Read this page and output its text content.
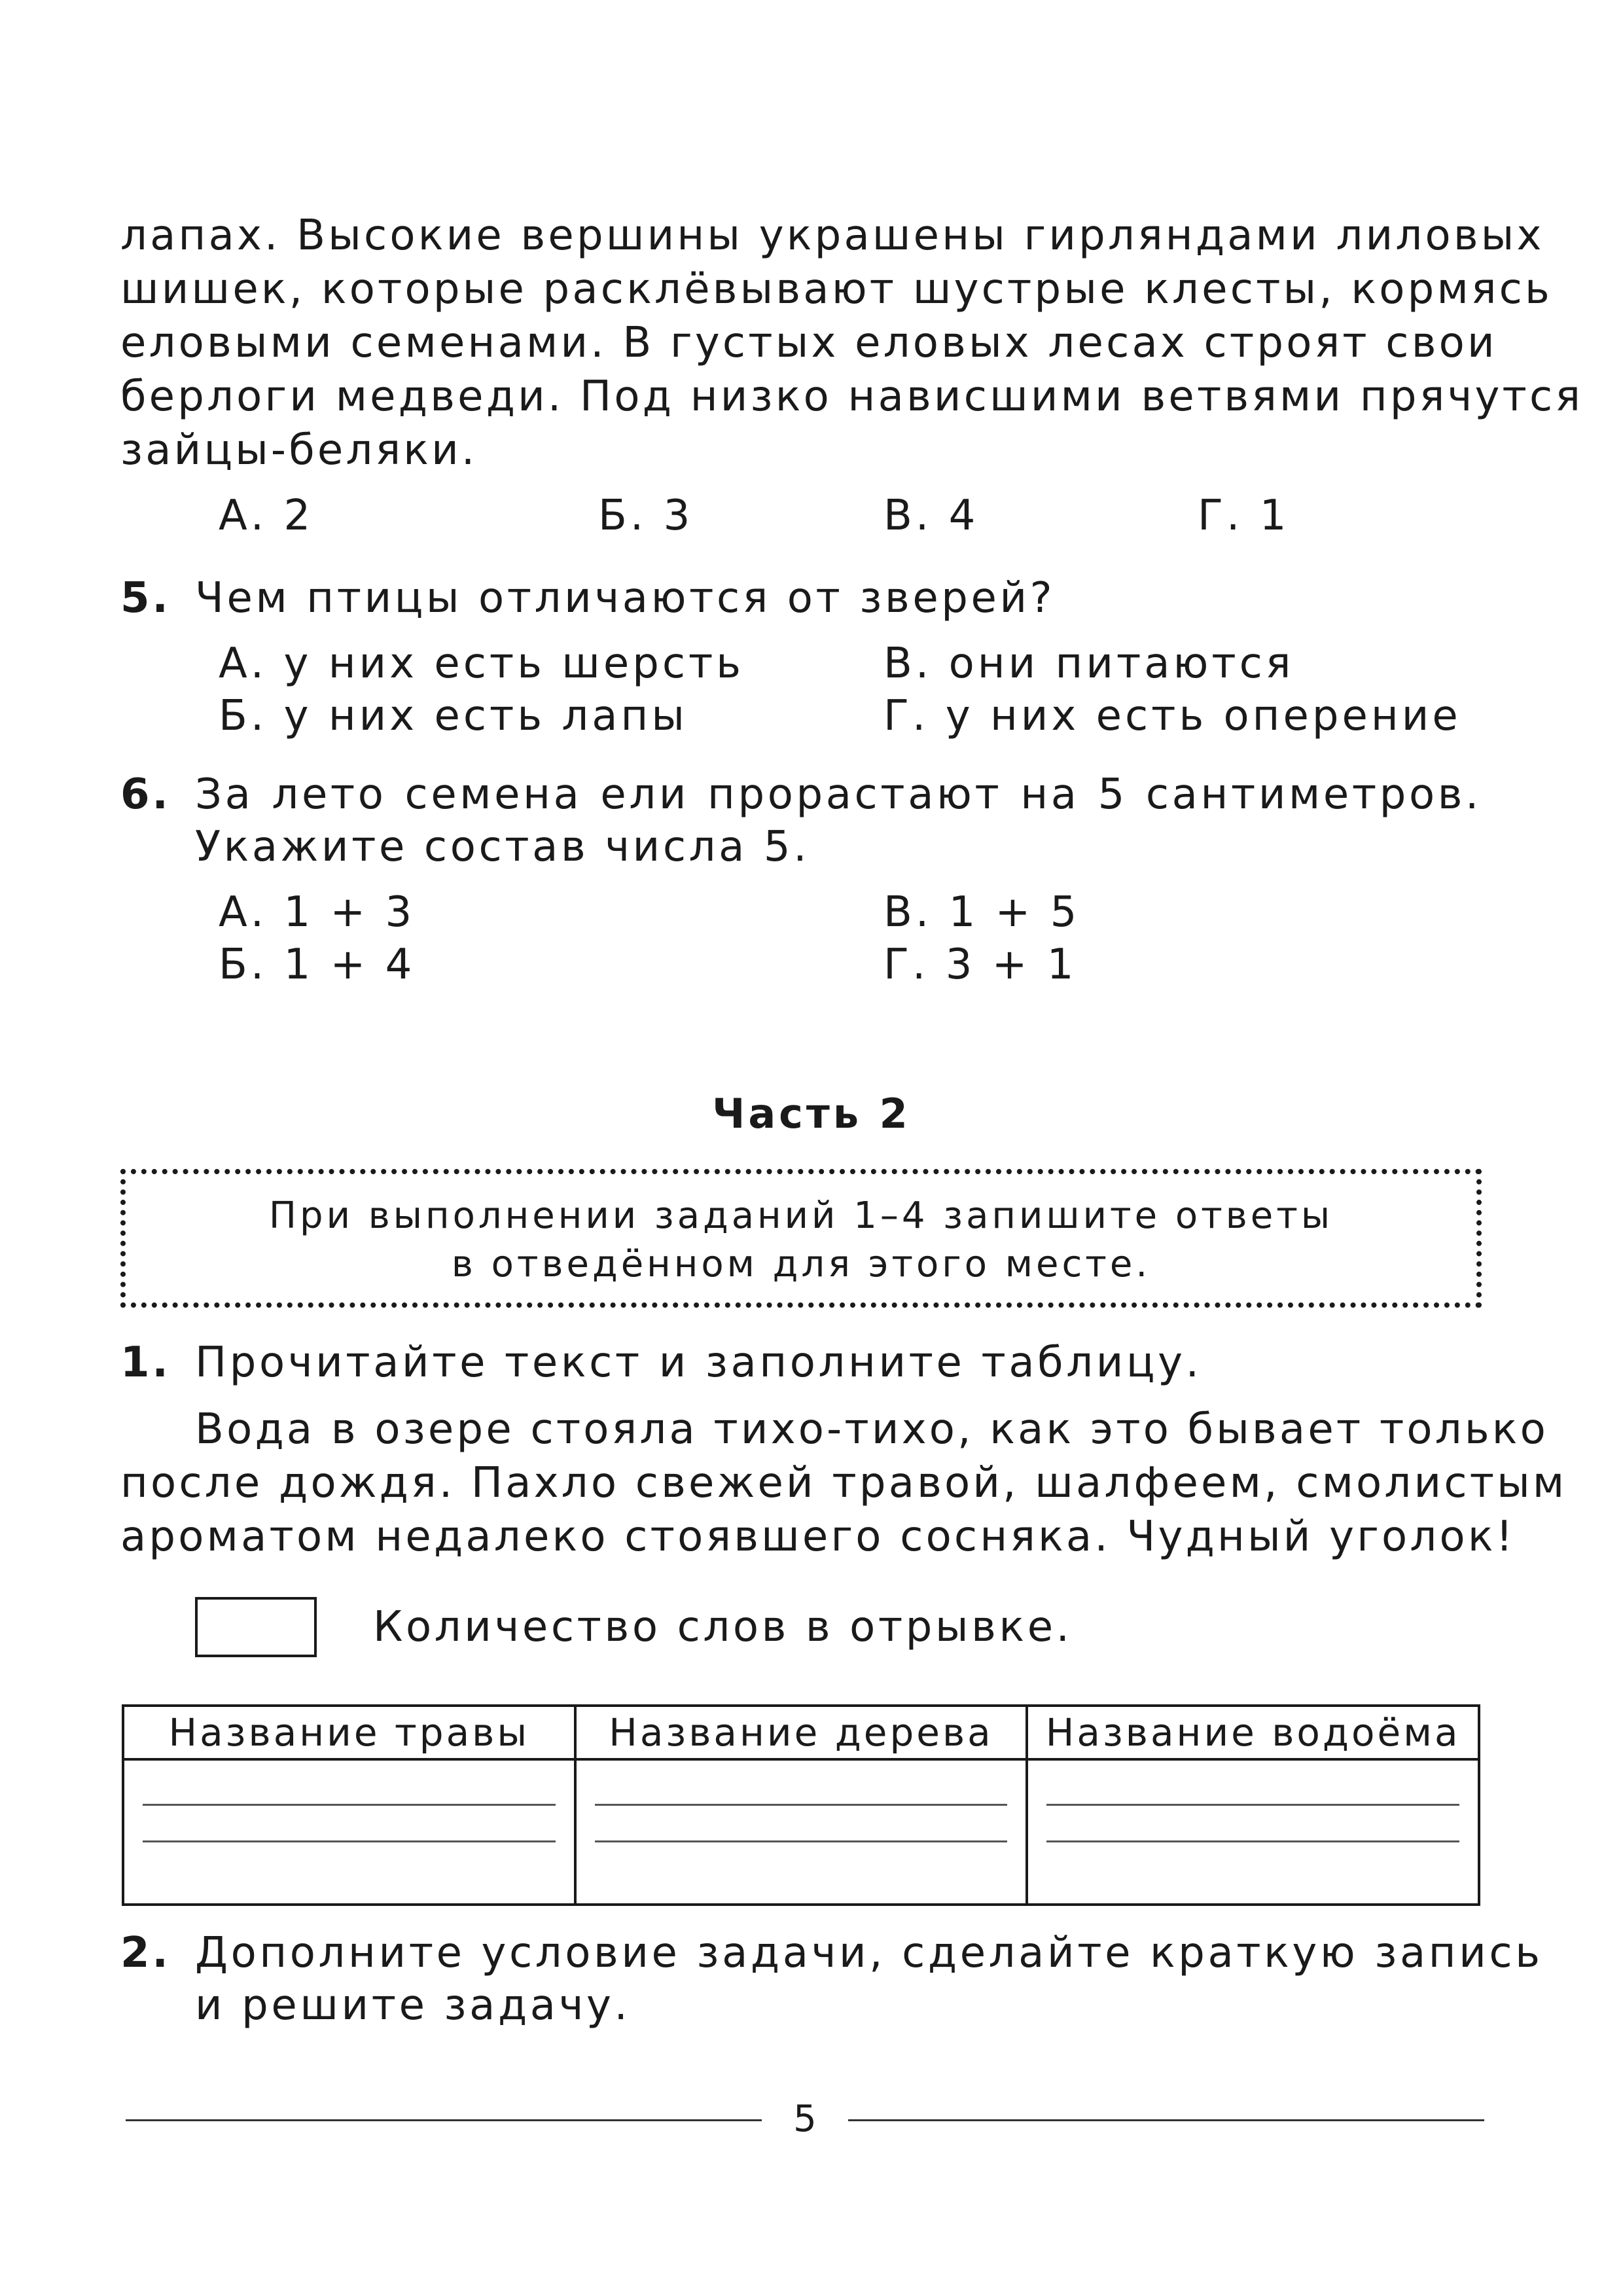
лапах. Высокие вершины украшены гирляндами лиловых
шишек, которые расклёвывают шустрые клесты, кормясь
еловыми семенами. В густых еловых лесах строят свои
берлоги медведи. Под низко нависшими ветвями прячутся
зайцы-беляки.
А. 2	Б. 3	В. 4	Г. 1
5. Чем птицы отличаются от зверей?
А. у них есть шерсть
Б. у них есть лапы
В. они питаются
Г. у них есть оперение
6. За лето семена ели прорастают на 5 сантиметров.
Укажите состав числа 5.
А. 1 + 3
Б. 1 + 4
В. 1 + 5
Г. 3 + 1
Часть 2
При выполнении заданий 1–4 запишите ответы
в отведённом для этого месте.
1. Прочитайте текст и заполните таблицу.
Вода в озере стояла тихо-тихо, как это бывает только
после дождя. Пахло свежей травой, шалфеем, смолистым
ароматом недалеко стоявшего сосняка. Чудный уголок!
Количество слов в отрывке.
Название травы	Название дерева	Название водоёма

2. Дополните условие задачи, сделайте краткую запись
и решите задачу.
5
